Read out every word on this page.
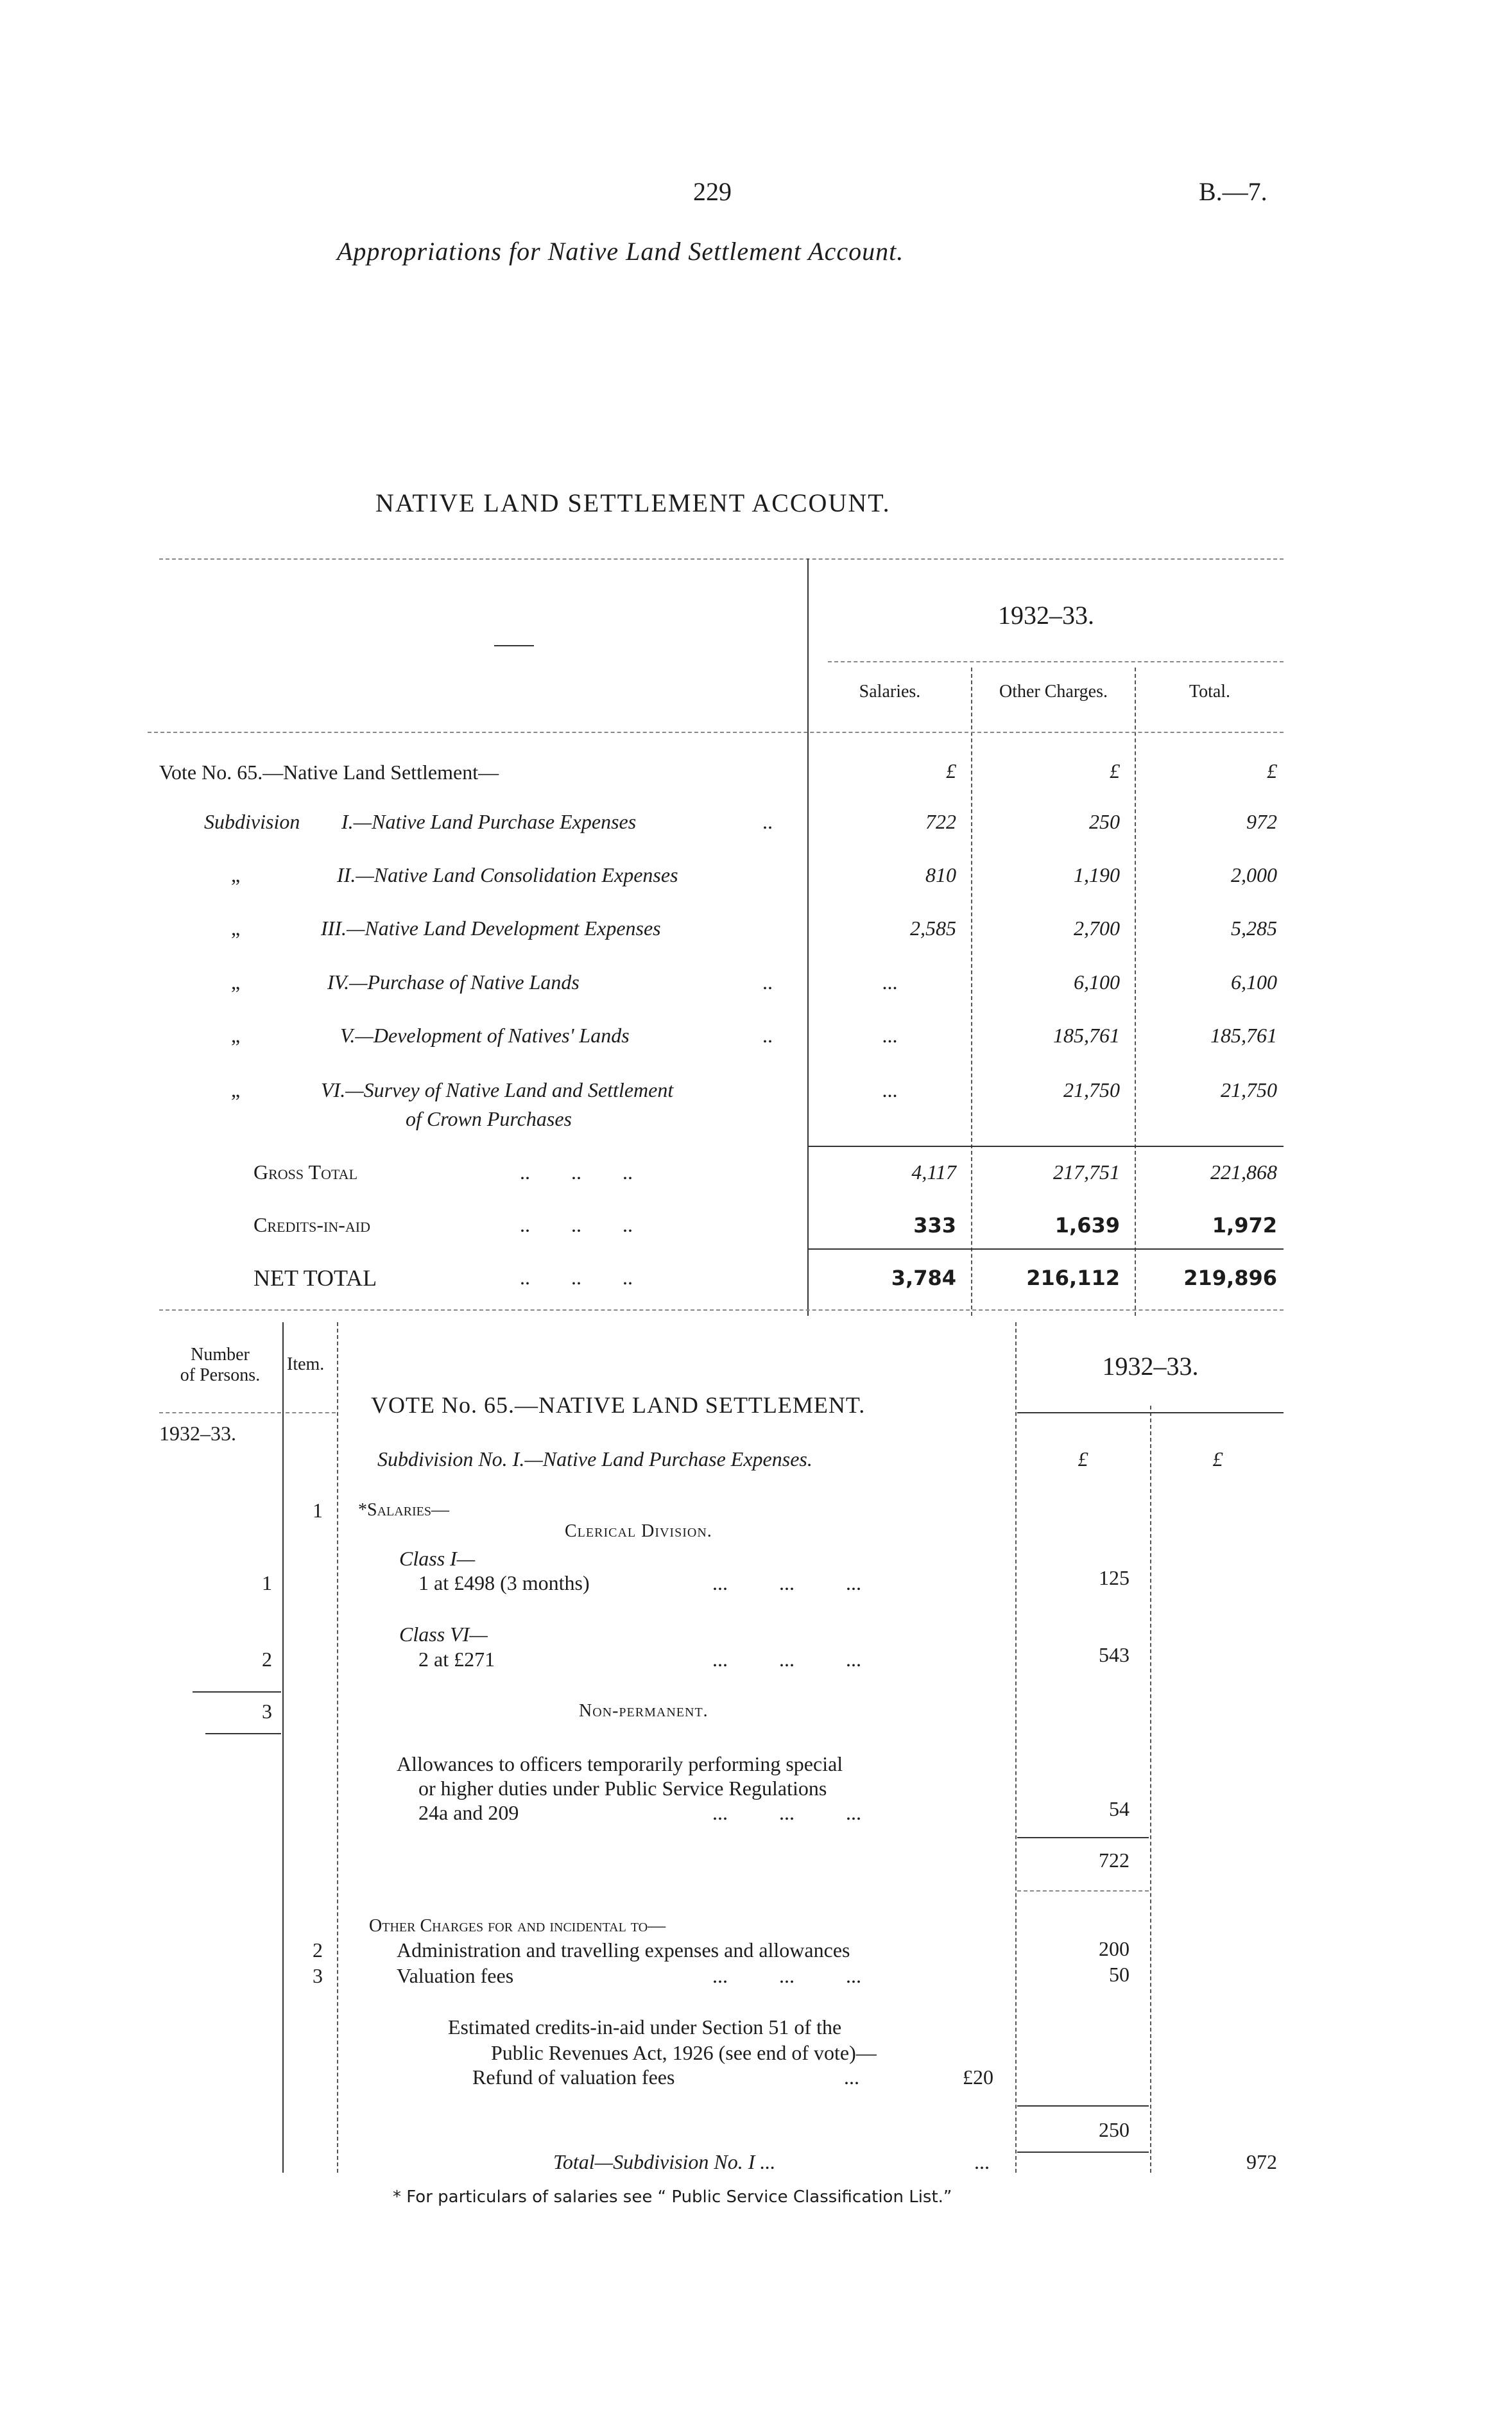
229	B.—7.
Appropriations for Native Land Settlement Account.
NATIVE LAND SETTLEMENT ACCOUNT.
1932–33.
Salaries.	Other Charges.	Total.
Vote No. 65.—Native Land Settlement—	£	£	£
Subdivision I.—Native Land Purchase Expenses	..	722	250	972
„	II.—Native Land Consolidation Expenses	810	1,190	2,000
„	III.—Native Land Development Expenses	2,585	2,700	5,285
„	IV.—Purchase of Native Lands	..	...	6,100	6,100
„	V.—Development of Natives' Lands	..	...	185,761	185,761
„	VI.—Survey of Native Land and Settlement
of Crown Purchases
...	21,750	21,750
Gross Total	..        ..        ..	4,117	217,751	221,868
Credits-in-aid	..        ..        ..	333	1,639	1,972
NET TOTAL	..        ..        ..	3,784	216,112	219,896
Number
of Persons.
Item.	1932–33.
1932–33.
VOTE No. 65.—NATIVE LAND SETTLEMENT.
Subdivision No. I.—Native Land Purchase Expenses.	£	£
1 *Salaries—
Clerical Division.
Class I—
1	1 at £498 (3 months)	...          ...          ...	125
Class VI—
2	2 at £271	...          ...          ...	543
3	Non-permanent.
Allowances to officers temporarily performing special
or higher duties under Public Service Regulations
24a and 209	...          ...          ...	54
722
Other Charges for and incidental to—
2	Administration and travelling expenses and allowances	200
3	Valuation fees	...          ...          ...	50
Estimated credits-in-aid under Section 51 of the
Public Revenues Act, 1926 (see end of vote)—
Refund of valuation fees	...	£20
250
Total—Subdivision No. I ...	...	972
* For particulars of salaries see “ Public Service Classification List.”
